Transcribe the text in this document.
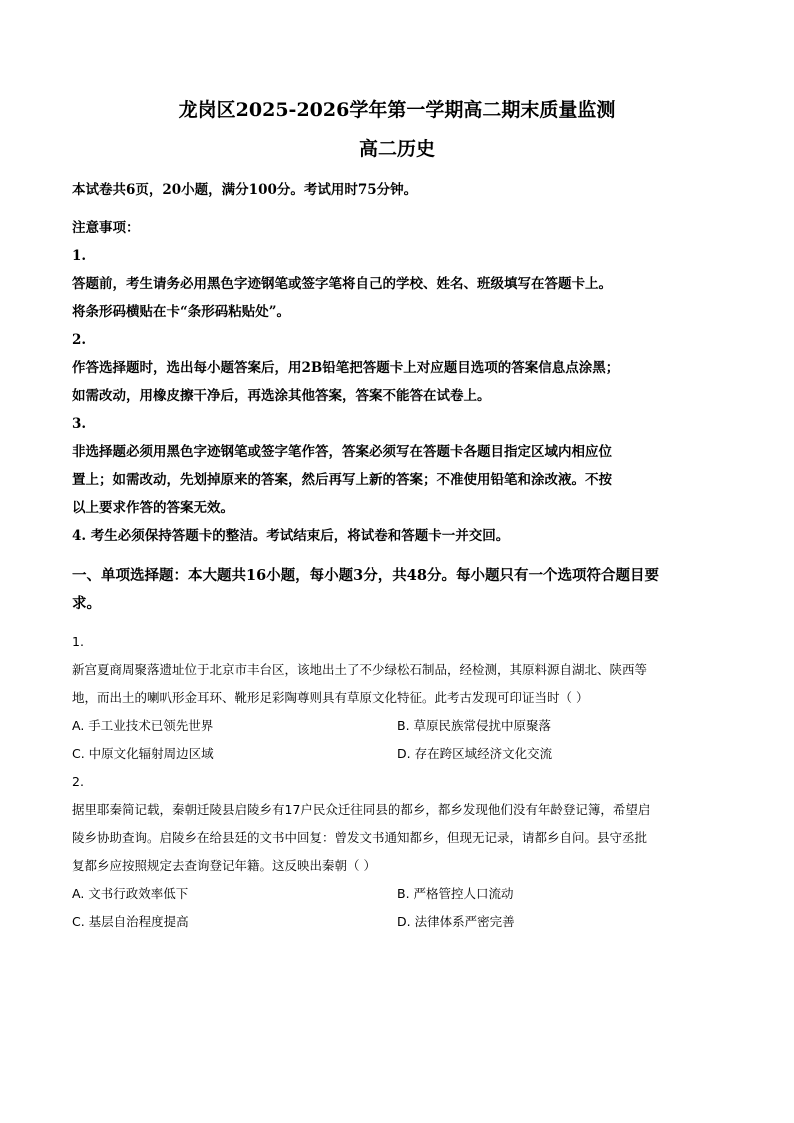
龙岗区2025-2026学年第一学期高二期末质量监测
高二历史

本试卷共6页，20小题，满分100分。考试用时75分钟。

注意事项：

1.

答题前，考生请务必用黑色字迹钢笔或签字笔将自己的学校、姓名、班级填写在答题卡上。

将条形码横贴在卡“条形码粘贴处”。

2.

作答选择题时，选出每小题答案后，用2B铅笔把答题卡上对应题目选项的答案信息点涂黑；

如需改动，用橡皮擦干净后，再选涂其他答案，答案不能答在试卷上。

3.

非选择题必须用黑色字迹钢笔或签字笔作答，答案必须写在答题卡各题目指定区域内相应位

置上；如需改动，先划掉原来的答案，然后再写上新的答案；不准使用铅笔和涂改液。不按

以上要求作答的答案无效。

4. 考生必须保持答题卡的整洁。考试结束后，将试卷和答题卡一并交回。

一、单项选择题：本大题共16小题，每小题3分，共48分。每小题只有一个选项符合题目要

求。

1.

新宫夏商周聚落遗址位于北京市丰台区，该地出土了不少绿松石制品，经检测，其原料源自湖北、陕西等

地，而出土的喇叭形金耳环、靴形足彩陶尊则具有草原文化特征。此考古发现可印证当时（ ）

A. 手工业技术已领先世界	B. 草原民族常侵扰中原聚落
C. 中原文化辐射周边区域	D. 存在跨区域经济文化交流

2.

据里耶秦简记载，秦朝迁陵县启陵乡有17户民众迁往同县的都乡，都乡发现他们没有年龄登记簿，希望启

陵乡协助查询。启陵乡在给县廷的文书中回复：曾发文书通知都乡，但现无记录，请都乡自问。县守丞批

复都乡应按照规定去查询登记年籍。这反映出秦朝（ ）

A. 文书行政效率低下	B. 严格管控人口流动
C. 基层自治程度提高	D. 法律体系严密完善
